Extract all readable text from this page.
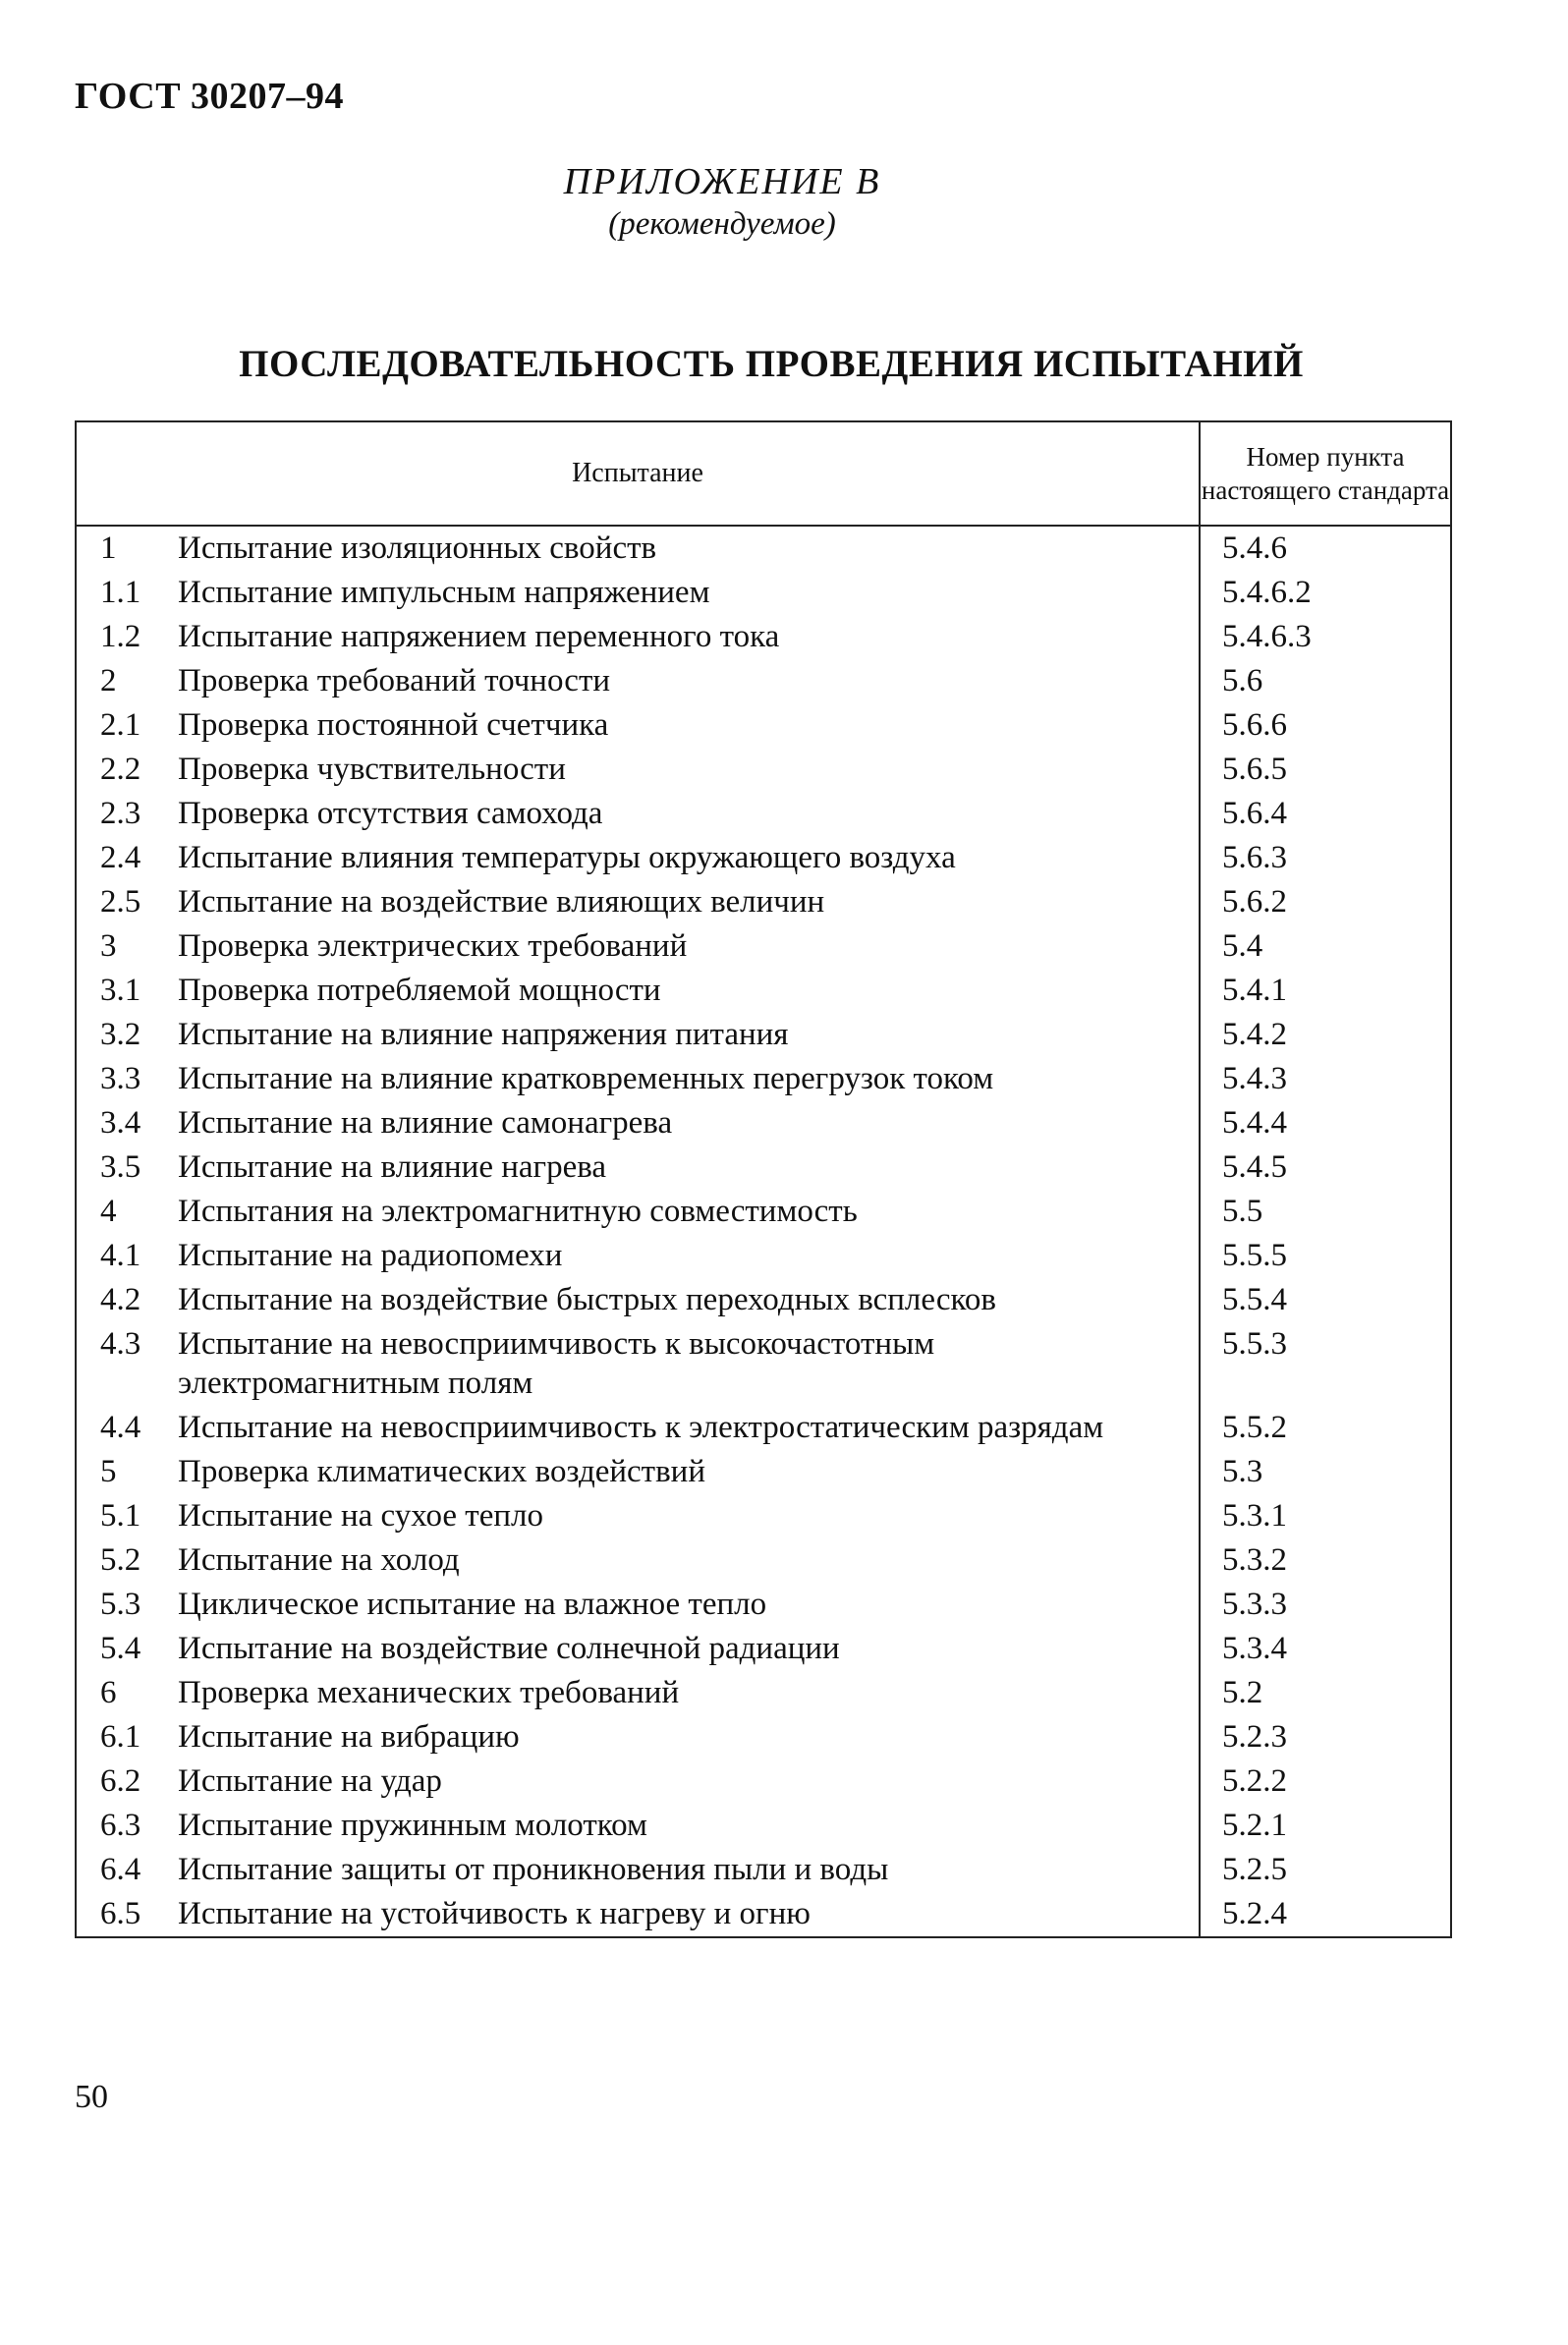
ГОСТ 30207–94
ПРИЛОЖЕНИЕ В
(рекомендуемое)
ПОСЛЕДОВАТЕЛЬНОСТЬ ПРОВЕДЕНИЯ ИСПЫТАНИЙ
Испытание		Номер пункта
настоящего стандарта
1	Испытание изоляционных свойств	5.4.6
1.1	Испытание импульсным напряжением	5.4.6.2
1.2	Испытание напряжением переменного тока	5.4.6.3
2	Проверка требований точности	5.6
2.1	Проверка постоянной счетчика	5.6.6
2.2	Проверка чувствительности	5.6.5
2.3	Проверка отсутствия самохода	5.6.4
2.4	Испытание влияния температуры окружающего воздуха	5.6.3
2.5	Испытание на воздействие влияющих величин	5.6.2
3	Проверка электрических требований	5.4
3.1	Проверка потребляемой мощности	5.4.1
3.2	Испытание на влияние напряжения питания	5.4.2
3.3	Испытание на влияние кратковременных перегрузок током	5.4.3
3.4	Испытание на влияние самонагрева	5.4.4
3.5	Испытание на влияние нагрева	5.4.5
4	Испытания на электромагнитную совместимость	5.5
4.1	Испытание на радиопомехи	5.5.5
4.2	Испытание на воздействие быстрых переходных всплесков	5.5.4
4.3	Испытание на невосприимчивость к высокочастотным электромагнитным полям	5.5.3
4.4	Испытание на невосприимчивость к электростатическим разрядам	5.5.2
5	Проверка климатических воздействий	5.3
5.1	Испытание на сухое тепло	5.3.1
5.2	Испытание на холод	5.3.2
5.3	Циклическое испытание на влажное тепло	5.3.3
5.4	Испытание на воздействие солнечной радиации	5.3.4
6	Проверка механических требований	5.2
6.1	Испытание на вибрацию	5.2.3
6.2	Испытание на удар	5.2.2
6.3	Испытание пружинным молотком	5.2.1
6.4	Испытание защиты от проникновения пыли и воды	5.2.5
6.5	Испытание на устойчивость к нагреву и огню	5.2.4
50
